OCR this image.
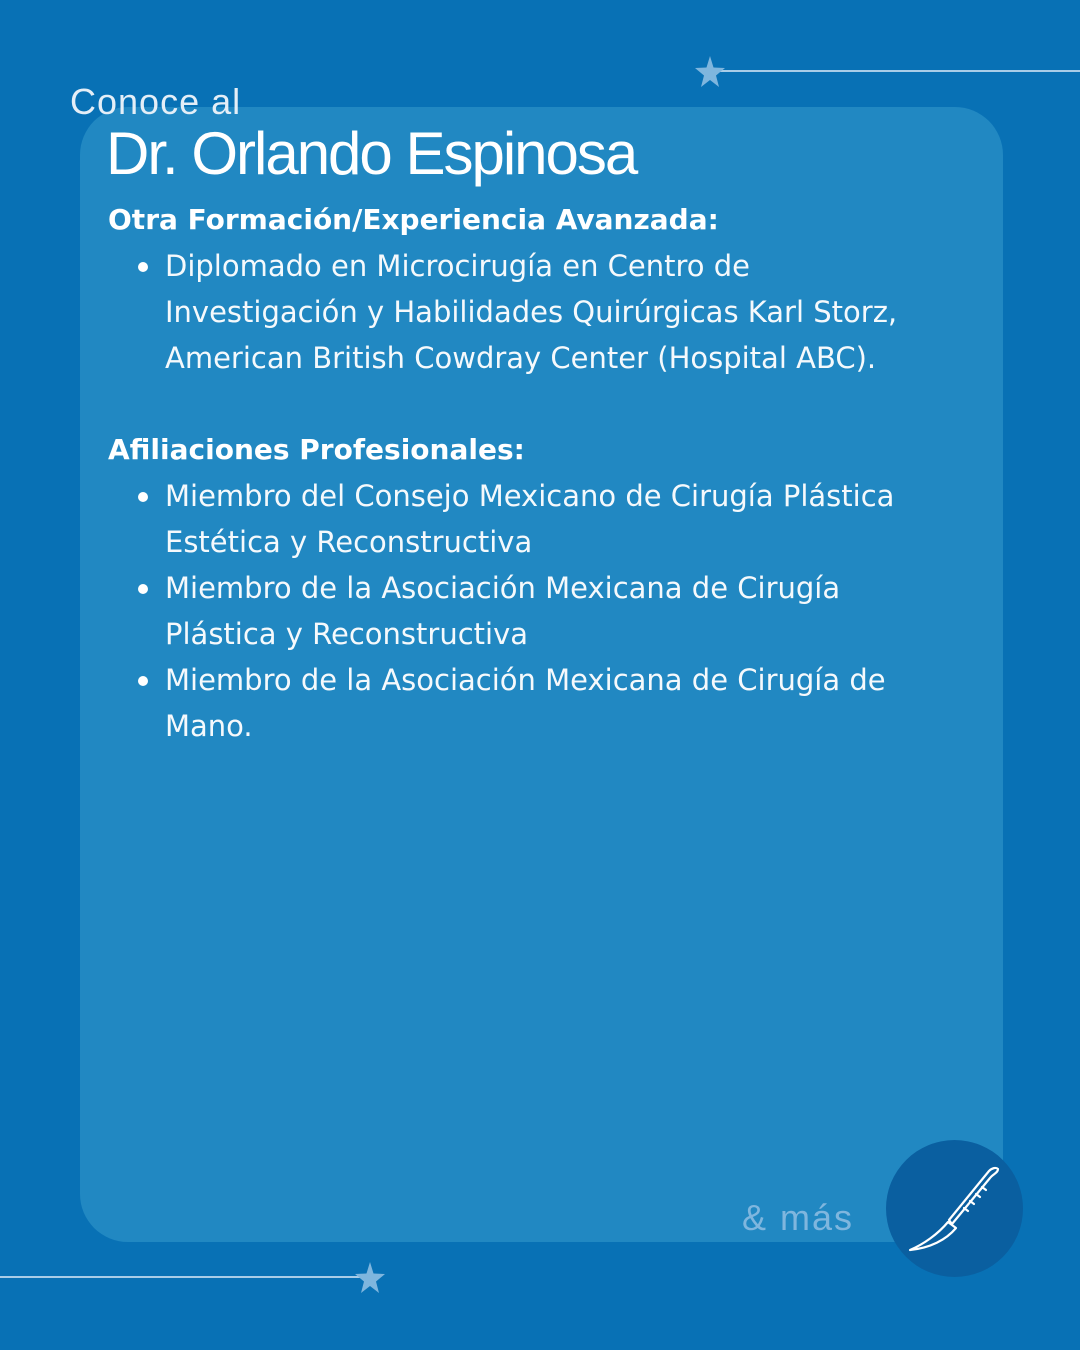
Conoce al
Dr. Orlando Espinosa
Otra Formación/Experiencia Avanzada:
Diplomado en Microcirugía en Centro de Investigación y Habilidades Quirúrgicas Karl Storz, American British Cowdray Center (Hospital ABC).
Afiliaciones Profesionales:
Miembro del Consejo Mexicano de Cirugía Plástica Estética y Reconstructiva
Miembro de la Asociación Mexicana de Cirugía Plástica y Reconstructiva
Miembro de la Asociación Mexicana de Cirugía de Mano.
& más
